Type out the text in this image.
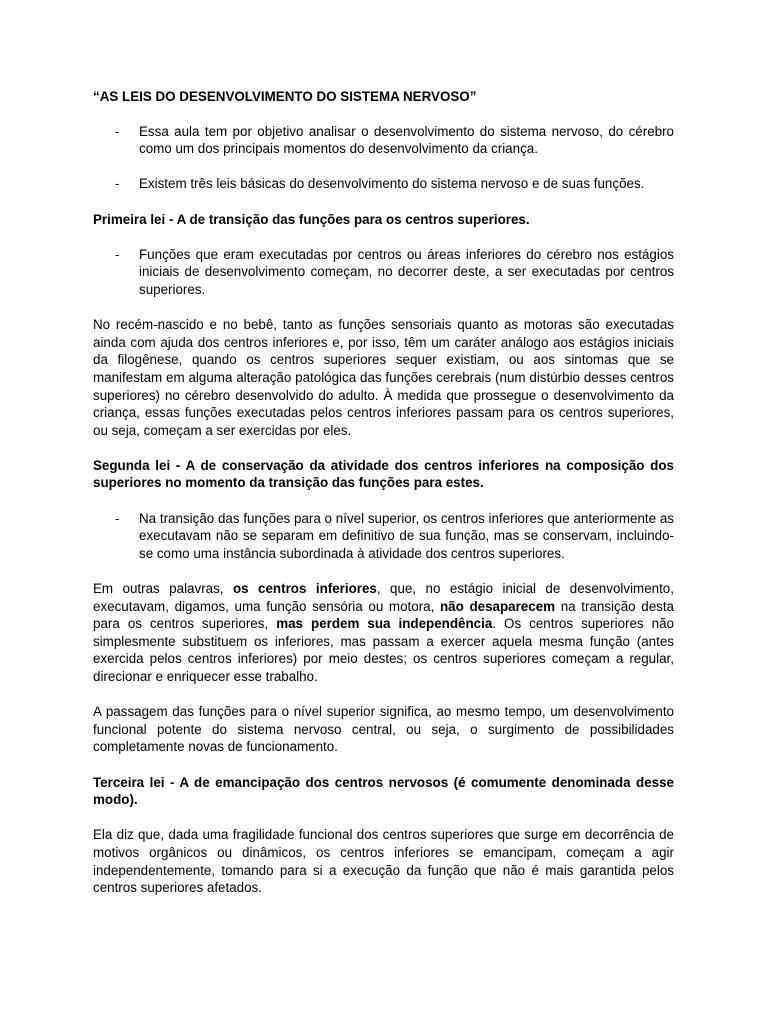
“AS LEIS DO DESENVOLVIMENTO DO SISTEMA NERVOSO”
- Essa aula tem por objetivo analisar o desenvolvimento do sistema nervoso, do cérebro como um dos principais momentos do desenvolvimento da criança.
- Existem três leis básicas do desenvolvimento do sistema nervoso e de suas funções.
Primeira lei - A de transição das funções para os centros superiores.
- Funções que eram executadas por centros ou áreas inferiores do cérebro nos estágios iniciais de desenvolvimento começam, no decorrer deste, a ser executadas por centros superiores.

No recém-nascido e no bebê, tanto as funções sensoriais quanto as motoras são executadas ainda com ajuda dos centros inferiores e, por isso, têm um caráter análogo aos estágios iniciais da filogênese, quando os centros superiores sequer existiam, ou aos sintomas que se manifestam em alguma alteração patológica das funções cerebrais (num distúrbio desses centros superiores) no cérebro desenvolvido do adulto. À medida que prossegue o desenvolvimento da criança, essas funções executadas pelos centros inferiores passam para os centros superiores, ou seja, começam a ser exercidas por eles.

Segunda lei - A de conservação da atividade dos centros inferiores na composição dos superiores no momento da transição das funções para estes.
- Na transição das funções para o nível superior, os centros inferiores que anteriormente as executavam não se separam em definitivo de sua função, mas se conservam, incluindo-se como uma instância subordinada à atividade dos centros superiores.

Em outras palavras, os centros inferiores, que, no estágio inicial de desenvolvimento, executavam, digamos, uma função sensória ou motora, não desaparecem na transição desta para os centros superiores, mas perdem sua independência. Os centros superiores não simplesmente substituem os inferiores, mas passam a exercer aquela mesma função (antes exercida pelos centros inferiores) por meio destes; os centros superiores começam a regular, direcionar e enriquecer esse trabalho.

A passagem das funções para o nível superior significa, ao mesmo tempo, um desenvolvimento funcional potente do sistema nervoso central, ou seja, o surgimento de possibilidades completamente novas de funcionamento.

Terceira lei - A de emancipação dos centros nervosos (é comumente denominada desse modo).

Ela diz que, dada uma fragilidade funcional dos centros superiores que surge em decorrência de motivos orgânicos ou dinâmicos, os centros inferiores se emancipam, começam a agir independentemente, tomando para si a execução da função que não é mais garantida pelos centros superiores afetados.
